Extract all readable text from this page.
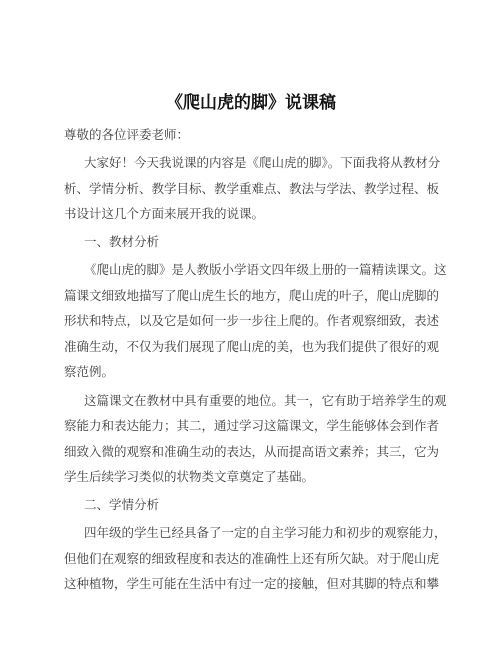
《爬山虎的脚》说课稿
尊敬的各位评委老师：
大家好！今天我说课的内容是《爬山虎的脚》。下面我将从教材分
析、学情分析、教学目标、教学重难点、教法与学法、教学过程、板
书设计这几个方面来展开我的说课。
一、教材分析
《爬山虎的脚》是人教版小学语文四年级上册的一篇精读课文。这
篇课文细致地描写了爬山虎生长的地方，爬山虎的叶子，爬山虎脚的
形状和特点，以及它是如何一步一步往上爬的。作者观察细致，表述
准确生动，不仅为我们展现了爬山虎的美，也为我们提供了很好的观
察范例。
这篇课文在教材中具有重要的地位。其一，它有助于培养学生的观
察能力和表达能力；其二，通过学习这篇课文，学生能够体会到作者
细致入微的观察和准确生动的表达，从而提高语文素养；其三，它为
学生后续学习类似的状物类文章奠定了基础。
二、学情分析
四年级的学生已经具备了一定的自主学习能力和初步的观察能力，
但他们在观察的细致程度和表达的准确性上还有所欠缺。对于爬山虎
这种植物，学生可能在生活中有过一定的接触，但对其脚的特点和攀
